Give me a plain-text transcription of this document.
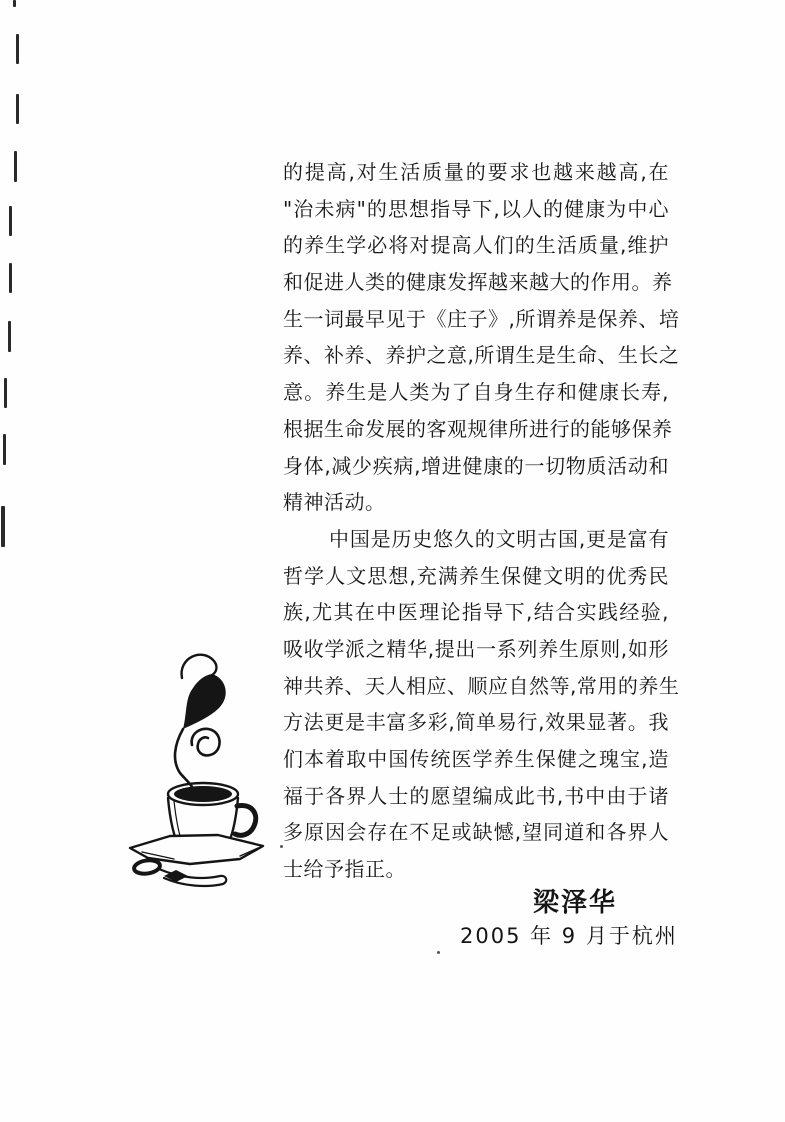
的提高,对生活质量的要求也越来越高,在
"治未病"的思想指导下,以人的健康为中心
的养生学必将对提高人们的生活质量,维护
和促进人类的健康发挥越来越大的作用。养
生一词最早见于《庄子》,所谓养是保养、培
养、补养、养护之意,所谓生是生命、生长之
意。养生是人类为了自身生存和健康长寿,
根据生命发展的客观规律所进行的能够保养
身体,减少疾病,增进健康的一切物质活动和
精神活动。
中国是历史悠久的文明古国,更是富有
哲学人文思想,充满养生保健文明的优秀民
族,尤其在中医理论指导下,结合实践经验,
吸收学派之精华,提出一系列养生原则,如形
神共养、天人相应、顺应自然等,常用的养生
方法更是丰富多彩,简单易行,效果显著。我
们本着取中国传统医学养生保健之瑰宝,造
福于各界人士的愿望编成此书,书中由于诸
多原因会存在不足或缺憾,望同道和各界人
士给予指正。
梁泽华
2005 年 9 月于杭州
